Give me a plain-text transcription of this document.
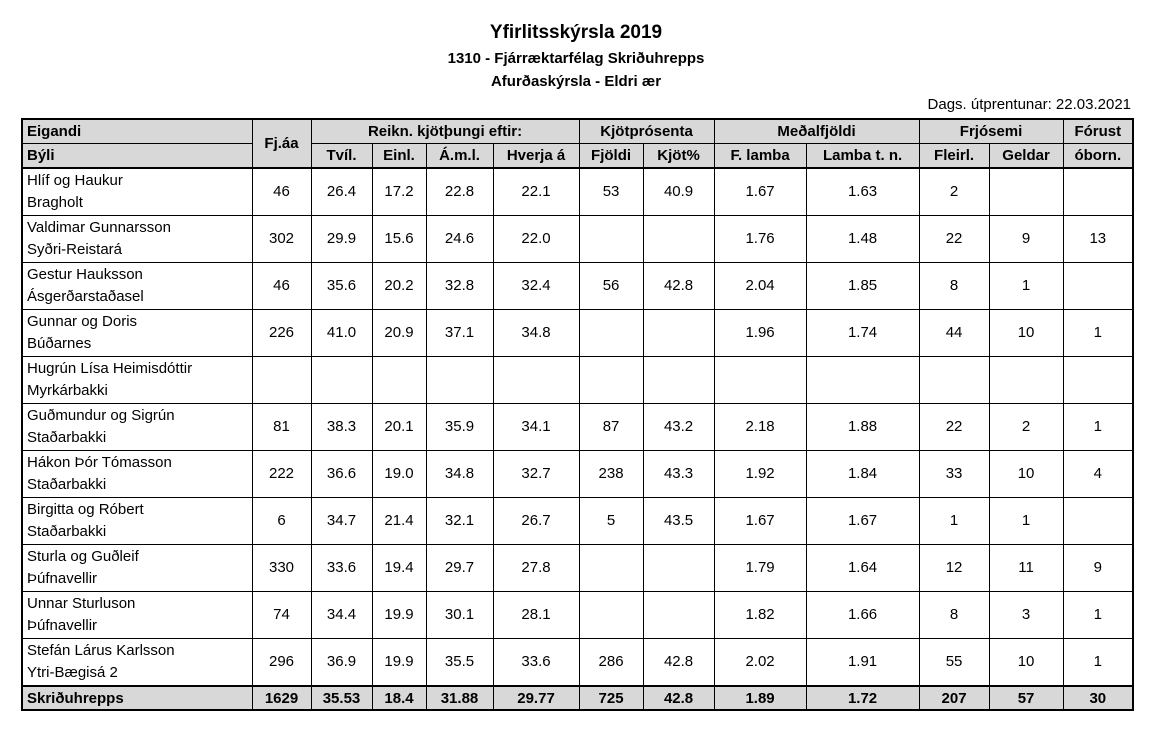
Yfirlitsskýrsla 2019
1310 - Fjárræktarfélag Skriðuhrepps
Afurðaskýrsla - Eldri ær
Dags. útprentunar: 22.03.2021
Eigandi	Fj.áa	Reikn. kjötþungi eftir:				Kjötprósenta		Meðalfjöldi		Frjósemi		Fórust
Býli		Tvíl.	Einl.	Á.m.l.	Hverja á	Fjöldi	Kjöt%	F. lamba	Lamba t. n.	Fleirl.	Geldar	óborn.

Hlíf og Haukur
Bragholt	46	26.4	17.2	22.8	22.1	53	40.9	1.67	1.63	2		

Valdimar Gunnarsson
Syðri-Reistará	302	29.9	15.6	24.6	22.0			1.76	1.48	22	9	13

Gestur Hauksson
Ásgerðarstaðasel	46	35.6	20.2	32.8	32.4	56	42.8	2.04	1.85	8	1	

Gunnar og Doris
Búðarnes	226	41.0	20.9	37.1	34.8			1.96	1.74	44	10	1

Hugrún Lísa Heimisdóttir
Myrkárbakki												

Guðmundur og Sigrún
Staðarbakki	81	38.3	20.1	35.9	34.1	87	43.2	2.18	1.88	22	2	1

Hákon Þór Tómasson
Staðarbakki	222	36.6	19.0	34.8	32.7	238	43.3	1.92	1.84	33	10	4

Birgitta og Róbert
Staðarbakki	6	34.7	21.4	32.1	26.7	5	43.5	1.67	1.67	1	1	

Sturla og Guðleif
Þúfnavellir	330	33.6	19.4	29.7	27.8			1.79	1.64	12	11	9

Unnar Sturluson
Þúfnavellir	74	34.4	19.9	30.1	28.1			1.82	1.66	8	3	1

Stefán Lárus Karlsson
Ytri-Bægisá 2	296	36.9	19.9	35.5	33.6	286	42.8	2.02	1.91	55	10	1
Skriðuhrepps	1629	35.53	18.4	31.88	29.77	725	42.8	1.89	1.72	207	57	30
